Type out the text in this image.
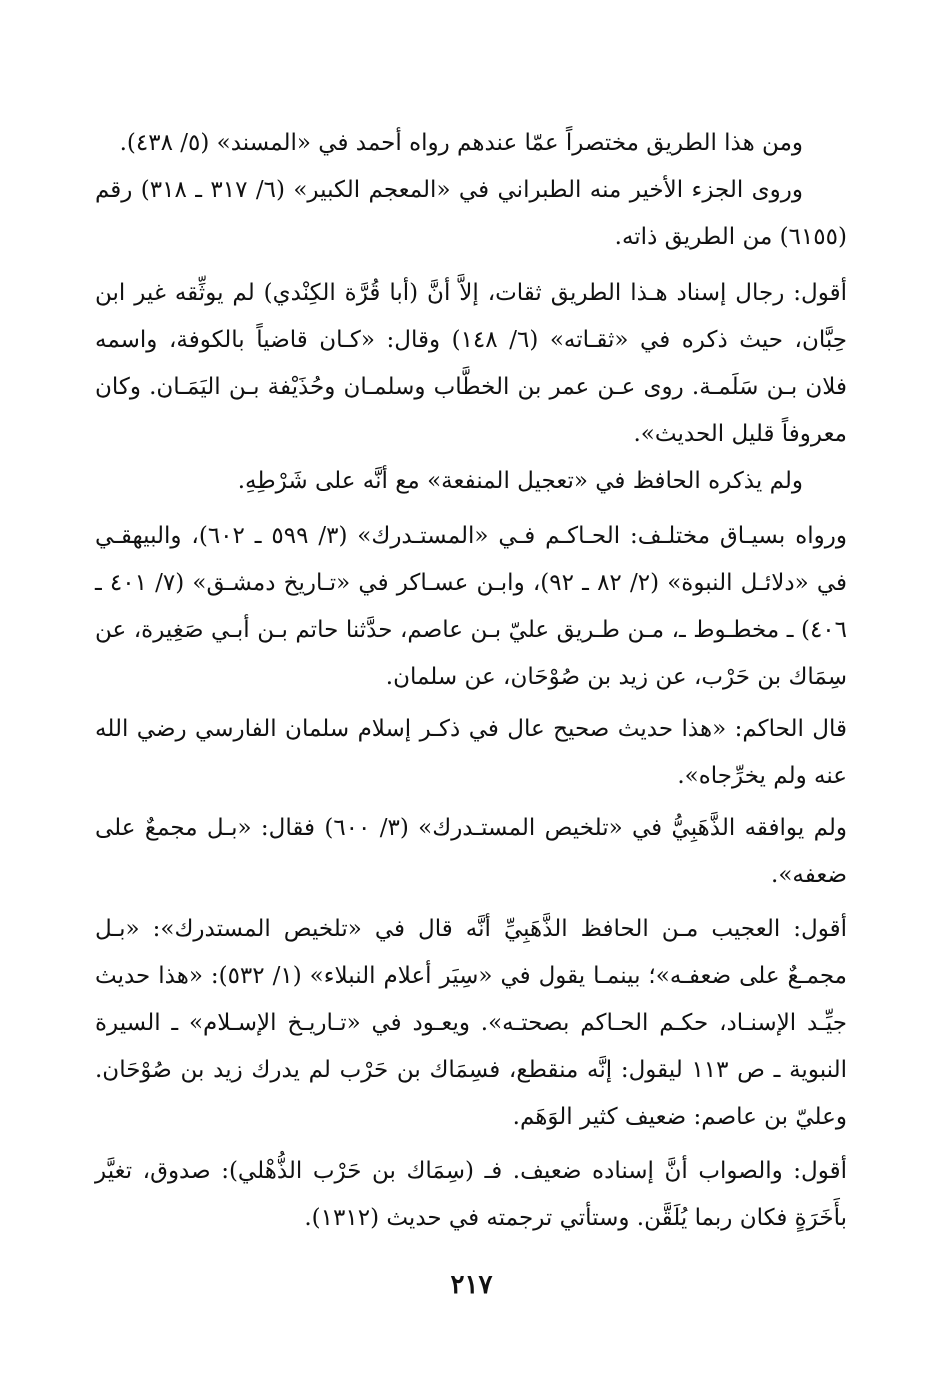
ومن هذا الطريق مختصراً عمّا عندهم رواه أحمد في «المسند» (٥/ ٤٣٨).

وروى الجزء الأخير منه الطبراني في «المعجم الكبير» (٦/ ٣١٧ ـ ٣١٨) رقم (٦١٥٥) من الطريق ذاته.

أقول: رجال إسناد هـذا الطريق ثقات، إلاَّ أنَّ (أبا قُرَّة الكِنْدي) لم يوثِّقه غير ابن حِبَّان، حيث ذكره في «ثقـاته» (٦/ ١٤٨) وقال: «كـان قاضياً بالكوفة، واسمه فلان بـن سَلَمـة. روى عـن عمر بن الخطَّاب وسلمـان وحُذَيْفة بـن اليَمَـان. وكان معروفاً قليل الحديث».

ولم يذكره الحافظ في «تعجيل المنفعة» مع أنَّه على شَرْطِهِ.

ورواه بسيـاق مختلـف: الحـاكـم فـي «المستـدرك» (٣/ ٥٩٩ ـ ٦٠٢)، والبيهقـي في «دلائـل النبوة» (٢/ ٨٢ ـ ٩٢)، وابـن عسـاكر في «تـاريخ دمشـق» (٧/ ٤٠١ ـ ٤٠٦) ـ مخطـوط ـ، مـن طـريق عليّ بـن عاصم، حدَّثنا حاتم بـن أبـي صَغِيرة، عن سِمَاك بن حَرْب، عن زيد بن صُوْحَان، عن سلمان.

قال الحاكم: «هذا حديث صحيح عال في ذكـر إسلام سلمان الفارسي رضي الله عنه ولم يخرِّجاه».

ولم يوافقه الذَّهَبِيُّ في «تلخيص المستـدرك» (٣/ ٦٠٠) فقال: «بـل مجمعٌ على ضعفه».

أقول: العجيب مـن الحافظ الذَّهَبِيِّ أنَّه قال في «تلخيص المستدرك»: «بـل مجمـعٌ على ضعفـه»؛ بينمـا يقول في «سِيَر أعلام النبلاء» (١/ ٥٣٢): «هذا حديث جيِّـد الإسنـاد، حكـم الحـاكم بصحتـه». ويعـود في «تـاريـخ الإسـلام» ـ السيرة النبوية ـ ص ١١٣ ليقول: إنَّه منقطع، فسِمَاك بن حَرْب لم يدرك زيد بن صُوْحَان. وعليّ بن عاصم: ضعيف كثير الوَهَم.

أقول: والصواب أنَّ إسناده ضعيف. فـ (سِمَاك بن حَرْب الذُّهْلي): صدوق، تغيَّر بأَخَرَةٍ فكان ربما يُلَقَّن. وستأتي ترجمته في حديث (١٣١٢).

٢١٧
